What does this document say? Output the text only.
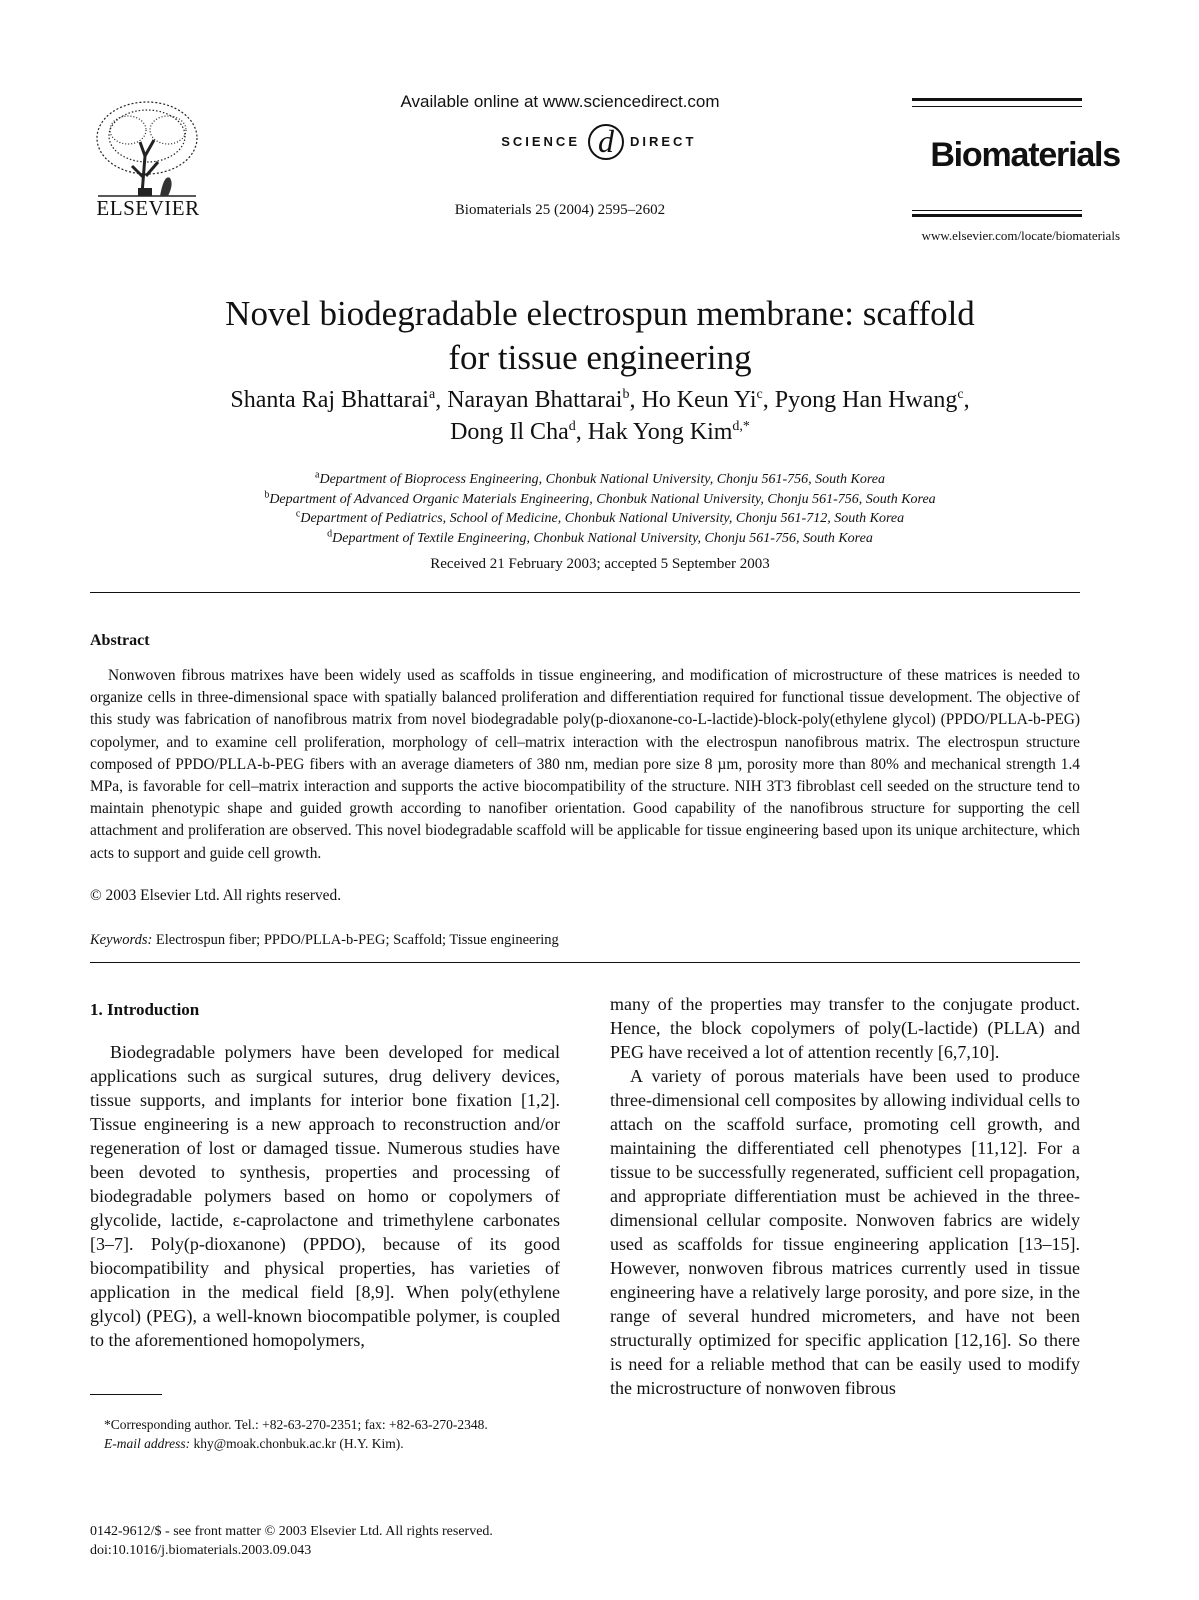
ELSEVIER
Available online at www.sciencedirect.com
SCIENCE d DIRECT
Biomaterials 25 (2004) 2595–2602
Biomaterials
www.elsevier.com/locate/biomaterials
Novel biodegradable electrospun membrane: scaffold
for tissue engineering
Shanta Raj Bhattarai$^a$, Narayan Bhattarai$^b$, Ho Keun Yi$^c$, Pyong Han Hwang$^c$,
Dong Il Cha$^d$, Hak Yong Kim$^{d,*}$
$^a$Department of Bioprocess Engineering, Chonbuk National University, Chonju 561-756, South Korea
$^b$Department of Advanced Organic Materials Engineering, Chonbuk National University, Chonju 561-756, South Korea
$^c$Department of Pediatrics, School of Medicine, Chonbuk National University, Chonju 561-712, South Korea
$^d$Department of Textile Engineering, Chonbuk National University, Chonju 561-756, South Korea
Received 21 February 2003; accepted 5 September 2003
Abstract
Nonwoven fibrous matrixes have been widely used as scaffolds in tissue engineering, and modification of microstructure of these matrices is needed to organize cells in three-dimensional space with spatially balanced proliferation and differentiation required for functional tissue development. The objective of this study was fabrication of nanofibrous matrix from novel biodegradable poly(p-dioxanone-co-L-lactide)-block-poly(ethylene glycol) (PPDO/PLLA-b-PEG) copolymer, and to examine cell proliferation, morphology of cell–matrix interaction with the electrospun nanofibrous matrix. The electrospun structure composed of PPDO/PLLA-b-PEG fibers with an average diameters of 380 nm, median pore size 8 µm, porosity more than 80% and mechanical strength 1.4 MPa, is favorable for cell–matrix interaction and supports the active biocompatibility of the structure. NIH 3T3 fibroblast cell seeded on the structure tend to maintain phenotypic shape and guided growth according to nanofiber orientation. Good capability of the nanofibrous structure for supporting the cell attachment and proliferation are observed. This novel biodegradable scaffold will be applicable for tissue engineering based upon its unique architecture, which acts to support and guide cell growth.
© 2003 Elsevier Ltd. All rights reserved.
Keywords: Electrospun fiber; PPDO/PLLA-b-PEG; Scaffold; Tissue engineering
1. Introduction

Biodegradable polymers have been developed for medical applications such as surgical sutures, drug delivery devices, tissue supports, and implants for interior bone fixation [1,2]. Tissue engineering is a new approach to reconstruction and/or regeneration of lost or damaged tissue. Numerous studies have been devoted to synthesis, properties and processing of biodegradable polymers based on homo or copolymers of glycolide, lactide, ε-caprolactone and trimethylene carbonates [3–7]. Poly(p-dioxanone) (PPDO), because of its good biocompatibility and physical properties, has varieties of application in the medical field [8,9]. When poly(ethylene glycol) (PEG), a well-known biocompatible polymer, is coupled to the aforementioned homopolymers,

many of the properties may transfer to the conjugate product. Hence, the block copolymers of poly(L-lactide) (PLLA) and PEG have received a lot of attention recently [6,7,10].

A variety of porous materials have been used to produce three-dimensional cell composites by allowing individual cells to attach on the scaffold surface, promoting cell growth, and maintaining the differentiated cell phenotypes [11,12]. For a tissue to be successfully regenerated, sufficient cell propagation, and appropriate differentiation must be achieved in the three-dimensional cellular composite. Nonwoven fabrics are widely used as scaffolds for tissue engineering application [13–15]. However, nonwoven fibrous matrices currently used in tissue engineering have a relatively large porosity, and pore size, in the range of several hundred micrometers, and have not been structurally optimized for specific application [12,16]. So there is need for a reliable method that can be easily used to modify the microstructure of nonwoven fibrous

*Corresponding author. Tel.: +82-63-270-2351; fax: +82-63-270-2348.
E-mail address: khy@moak.chonbuk.ac.kr (H.Y. Kim).
0142-9612/$ - see front matter © 2003 Elsevier Ltd. All rights reserved.
doi:10.1016/j.biomaterials.2003.09.043
